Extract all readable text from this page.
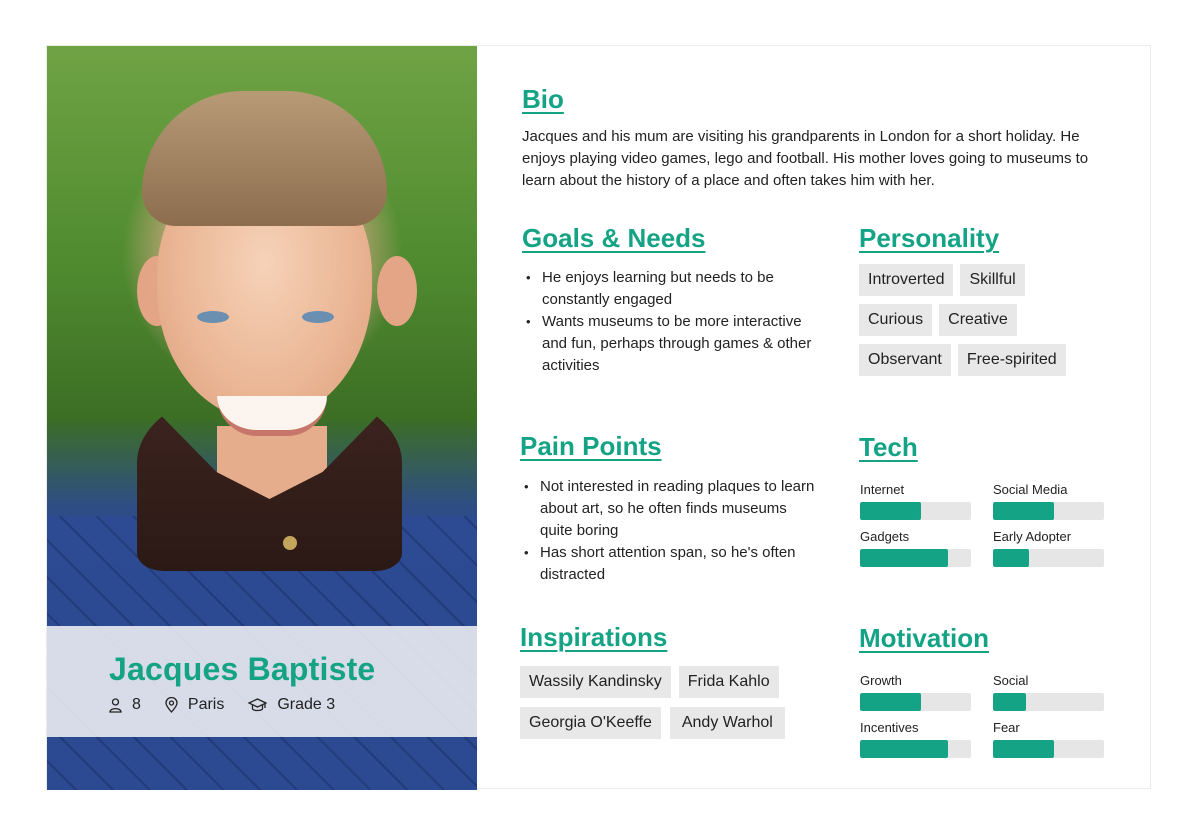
Jacques Baptiste
8	Paris	Grade 3
Bio
Jacques and his mum are visiting his grandparents in London for a short holiday. He enjoys playing video games, lego and football. His mother loves going to museums to learn about the history of a place and often takes him with her.
Goals & Needs
• He enjoys learning but needs to be constantly engaged
• Wants museums to be more interactive and fun, perhaps through games & other activities
Personality
Introverted	Skillful
Curious	Creative
Observant	Free-spirited
Pain Points
• Not interested in reading plaques to learn about art, so he often finds museums quite boring
• Has short attention span, so he's often distracted
Tech
Internet	Social Media
Gadgets	Early Adopter
Inspirations
Wassily Kandinsky	Frida Kahlo
Georgia O'Keeffe	Andy Warhol
Motivation
Growth	Social
Incentives	Fear
